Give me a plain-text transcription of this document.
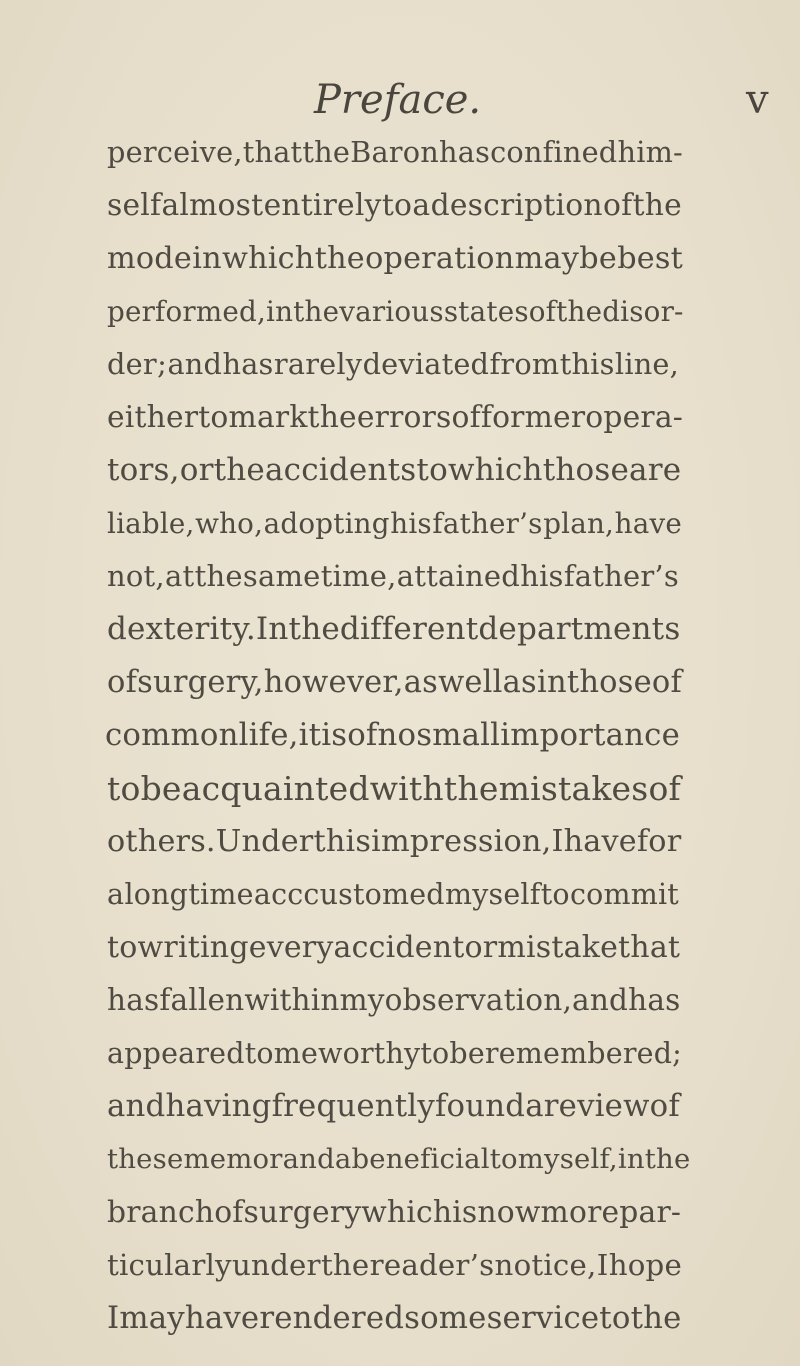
Preface.	v
perceive, that the Baron has confined him-
self almost entirely to a description of the
mode in which the operation may be best
performed, in the various states of the disor-
der ; and has rarely deviated from this line,
either to mark the errors of former opera-
tors, or the accidents to which those are
liable, who, adopting his father’s plan, have
not, at the same time, attained his father’s
dexterity. In the different departments
of surgery, however, as well as in those of
common life, it is of no small importance
to be acquainted with the mistakes of
others. Under this impression, I have for
a long time acccustomed myself to commit
to writing every accident or mistake that
has fallen within my observation, and has
appeared to me worthy to be remembered ;
and having frequently found a review of
these memoranda beneficial to myself, in the
branch of surgery which is now more par-
ticularly under the reader’s notice, I hope
I may have rendered some service to the
